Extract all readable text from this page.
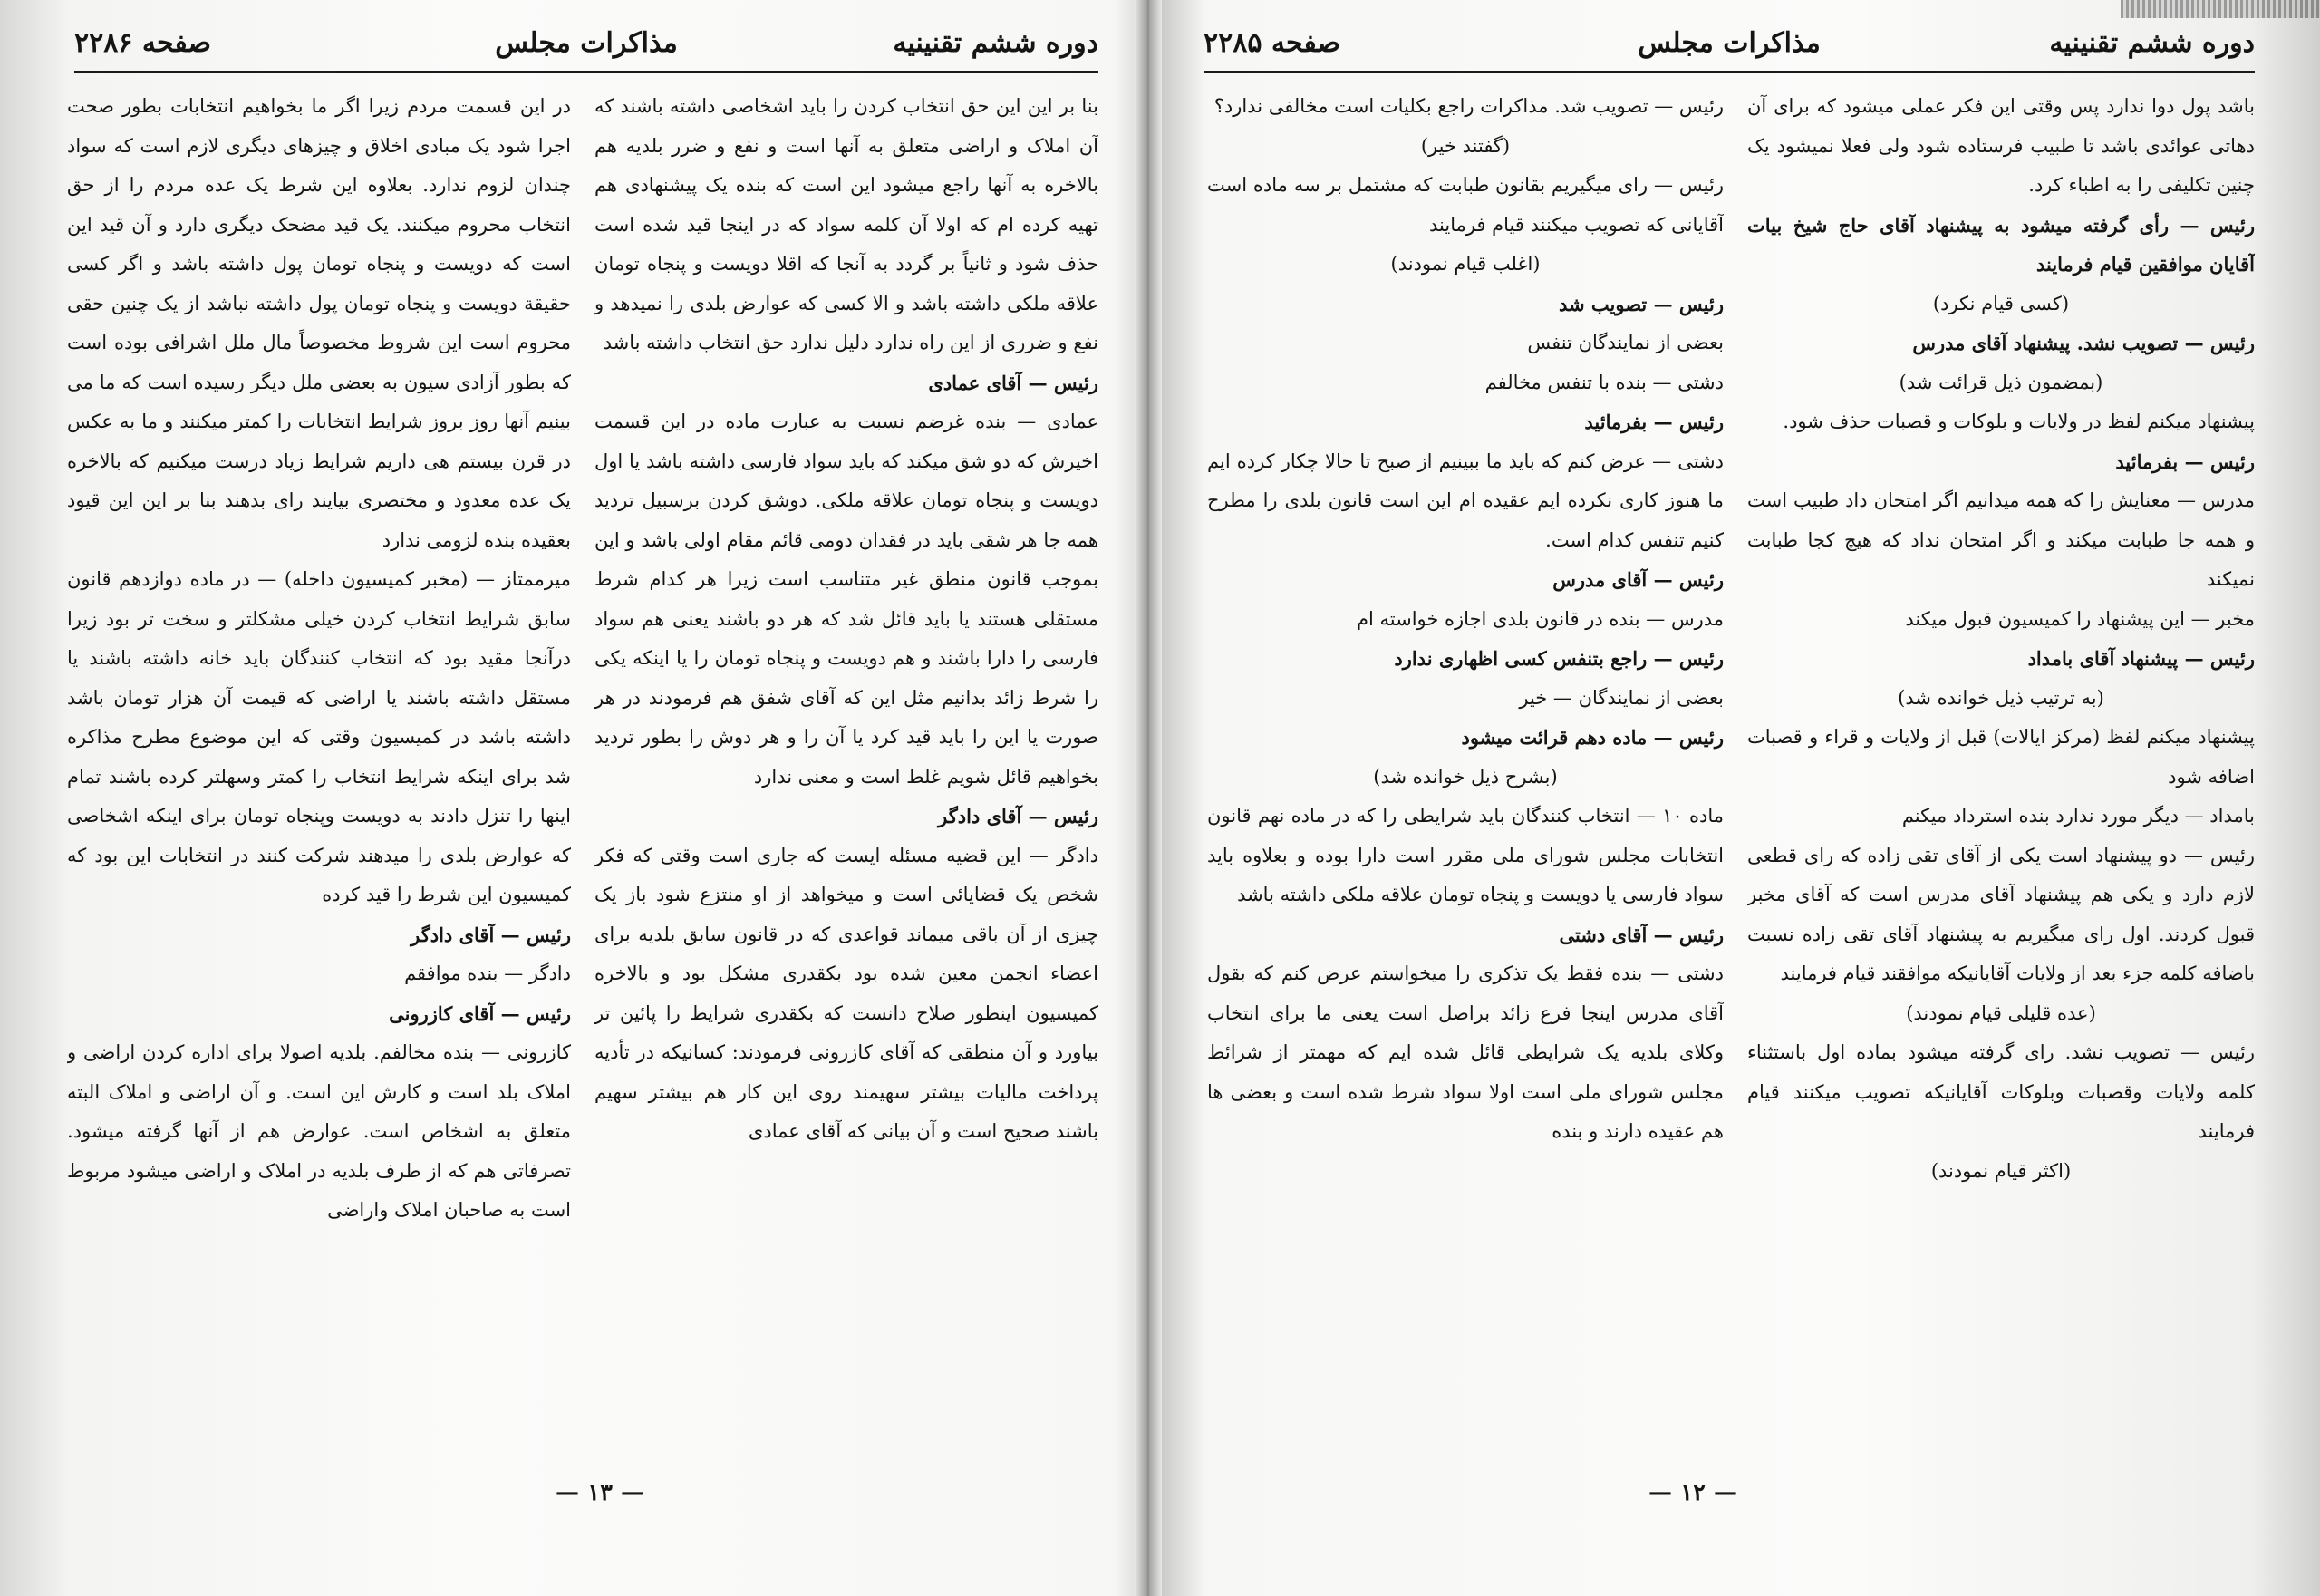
دوره ششم تقنینیه
مذاکرات مجلس
صفحه ۲۲۸۶

بنا بر این این حق انتخاب کردن را باید اشخاصی داشته باشند که آن املاک و اراضی متعلق به آنها است و نفع و ضرر بلدیه هم بالاخره به آنها راجع میشود این است که بنده یک پیشنهادی هم تهیه کرده ام که اولا آن کلمه سواد که در اینجا قید شده است حذف شود و ثانیاً بر گردد به آنجا که اقلا دویست و پنجاه تومان علاقه ملکی داشته باشد و الا کسی که عوارض بلدی را نمیدهد و نفع و ضرری از این راه ندارد دلیل ندارد حق انتخاب داشته باشد

رئیس — آقای عمادی

عمادی — بنده غرضم نسبت به عبارت ماده در این قسمت اخیرش که دو شق میکند که باید سواد فارسی داشته باشد یا اول دویست و پنجاه تومان علاقه ملکی. دوشق کردن برسبیل تردید همه جا هر شقی باید در فقدان دومی قائم مقام اولی باشد و این بموجب قانون منطق غیر متناسب است زیرا هر کدام شرط مستقلی هستند یا باید قائل شد که هر دو باشند یعنی هم سواد فارسی را دارا باشند و هم دویست و پنجاه تومان را یا اینکه یکی را شرط زائد بدانیم مثل این که آقای شفق هم فرمودند در هر صورت یا این را باید قید کرد یا آن را و هر دوش را بطور تردید بخواهیم قائل شویم غلط است و معنی ندارد

رئیس — آقای دادگر

دادگر — این قضیه مسئله ایست که جاری است وقتی که فکر شخص یک قضایائی است و میخواهد از او منتزع شود باز یک چیزی از آن باقی میماند قواعدی که در قانون سابق بلدیه برای اعضاء انجمن معین شده بود بکقدری مشکل بود و بالاخره کمیسیون اینطور صلاح دانست که بکقدری شرایط را پائین تر بیاورد و آن منطقی که آقای کازرونی فرمودند: کسانیکه در تأدیه پرداخت مالیات بیشتر سهیمند روی این کار هم بیشتر سهیم باشند صحیح است و آن بیانی که آقای عمادی

در این قسمت مردم زیرا اگر ما بخواهیم انتخابات بطور صحت اجرا شود یک مبادی اخلاق و چیزهای دیگری لازم است که سواد چندان لزوم ندارد. بعلاوه این شرط یک عده مردم را از حق انتخاب محروم میکنند. یک قید مضحک دیگری دارد و آن قید این است که دویست و پنجاه تومان پول داشته باشد و اگر کسی حقیقة دویست و پنجاه تومان پول داشته نباشد از یک چنین حقی محروم است این شروط مخصوصاً مال ملل اشرافی بوده است که بطور آزادی سیون به بعضی ملل دیگر رسیده است که ما می بینیم آنها روز بروز شرایط انتخابات را کمتر میکنند و ما به عکس در قرن بیستم هی داریم شرایط زیاد درست میکنیم که بالاخره یک عده معدود و مختصری بیایند رای بدهند بنا بر این این قیود بعقیده بنده لزومی ندارد

میرممتاز — (مخبر کمیسیون داخله) — در ماده دوازدهم قانون سابق شرایط انتخاب کردن خیلی مشکلتر و سخت تر بود زیرا درآنجا مقید بود که انتخاب کنندگان باید خانه داشته باشند یا مستقل داشته باشند یا اراضی که قیمت آن هزار تومان باشد داشته باشد در کمیسیون وقتی که این موضوع مطرح مذاکره شد برای اینکه شرایط انتخاب را کمتر وسهلتر کرده باشند تمام اینها را تنزل دادند به دویست وپنجاه تومان برای اینکه اشخاصی که عوارض بلدی را میدهند شرکت کنند در انتخابات این بود که کمیسیون این شرط را قید کرده

رئیس — آقای دادگر

دادگر — بنده موافقم

رئیس — آقای کازرونی

کازرونی — بنده مخالفم. بلدیه اصولا برای اداره کردن اراضی و املاک بلد است و کارش این است. و آن اراضی و املاک البته متعلق به اشخاص است. عوارض هم از آنها گرفته میشود. تصرفاتی هم که از طرف بلدیه در املاک و اراضی میشود مربوط است به صاحبان املاک واراضی

— ۱۳ —
دوره ششم تقنینیه
مذاکرات مجلس
صفحه ۲۲۸۵

باشد پول دوا ندارد پس وقتی این فکر عملی میشود که برای آن دهاتی عوائدی باشد تا طبیب فرستاده شود ولی فعلا نمیشود یک چنین تکلیفی را به اطباء کرد.

رئیس — رأی گرفته میشود به پیشنهاد آقای حاج شیخ بیات آقایان موافقین قیام فرمایند

(کسی قیام نکرد)

رئیس — تصویب نشد. پیشنهاد آقای مدرس

(بمضمون ذیل قرائت شد)

پیشنهاد میکنم لفظ در ولایات و بلوکات و قصبات حذف شود.

رئیس — بفرمائید

مدرس — معنایش را که همه میدانیم اگر امتحان داد طبیب است و همه جا طبابت میکند و اگر امتحان نداد که هیچ کجا طبابت نمیکند

مخبر — این پیشنهاد را کمیسیون قبول میکند

رئیس — پیشنهاد آقای بامداد

(به ترتیب ذیل خوانده شد)

پیشنهاد میکنم لفظ (مرکز ایالات) قبل از ولایات و قراء و قصبات اضافه شود

بامداد — دیگر مورد ندارد بنده استرداد میکنم

رئیس — دو پیشنهاد است یکی از آقای تقی زاده که رای قطعی لازم دارد و یکی هم پیشنهاد آقای مدرس است که آقای مخبر قبول کردند. اول رای میگیریم به پیشنهاد آقای تقی زاده نسبت باضافه کلمه جزء بعد از ولایات آقایانیکه موافقند قیام فرمایند

(عده قلیلی قیام نمودند)

رئیس — تصویب نشد. رای گرفته میشود بماده اول باستثناء کلمه ولایات وقصبات وبلوکات آقایانیکه تصویب میکنند قیام فرمایند

(اکثر قیام نمودند)

رئیس — تصویب شد. مذاکرات راجع بکلیات است مخالفی ندارد؟

(گفتند خیر)

رئیس — رای میگیریم بقانون طبابت که مشتمل بر سه ماده است آقایانی که تصویب میکنند قیام فرمایند

(اغلب قیام نمودند)

رئیس — تصویب شد

بعضی از نمایندگان تنفس

دشتی — بنده با تنفس مخالفم

رئیس — بفرمائید

دشتی — عرض کنم که باید ما ببینیم از صبح تا حالا چکار کرده ایم ما هنوز کاری نکرده ایم عقیده ام این است قانون بلدی را مطرح کنیم تنفس کدام است.

رئیس — آقای مدرس

مدرس — بنده در قانون بلدی اجازه خواسته ام

رئیس — راجع بتنفس کسی اظهاری ندارد

بعضی از نمایندگان — خیر

رئیس — ماده دهم قرائت میشود

(بشرح ذیل خوانده شد)

ماده ۱۰ — انتخاب کنندگان باید شرایطی را که در ماده نهم قانون انتخابات مجلس شورای ملی مقرر است دارا بوده و بعلاوه باید سواد فارسی یا دویست و پنجاه تومان علاقه ملکی داشته باشد

رئیس — آقای دشتی

دشتی — بنده فقط یک تذکری را میخواستم عرض کنم که بقول آقای مدرس اینجا فرع زائد براصل است یعنی ما برای انتخاب وکلای بلدیه یک شرایطی قائل شده ایم که مهمتر از شرائط مجلس شورای ملی است اولا سواد شرط شده است و بعضی ها هم عقیده دارند و بنده

— ۱۲ —
